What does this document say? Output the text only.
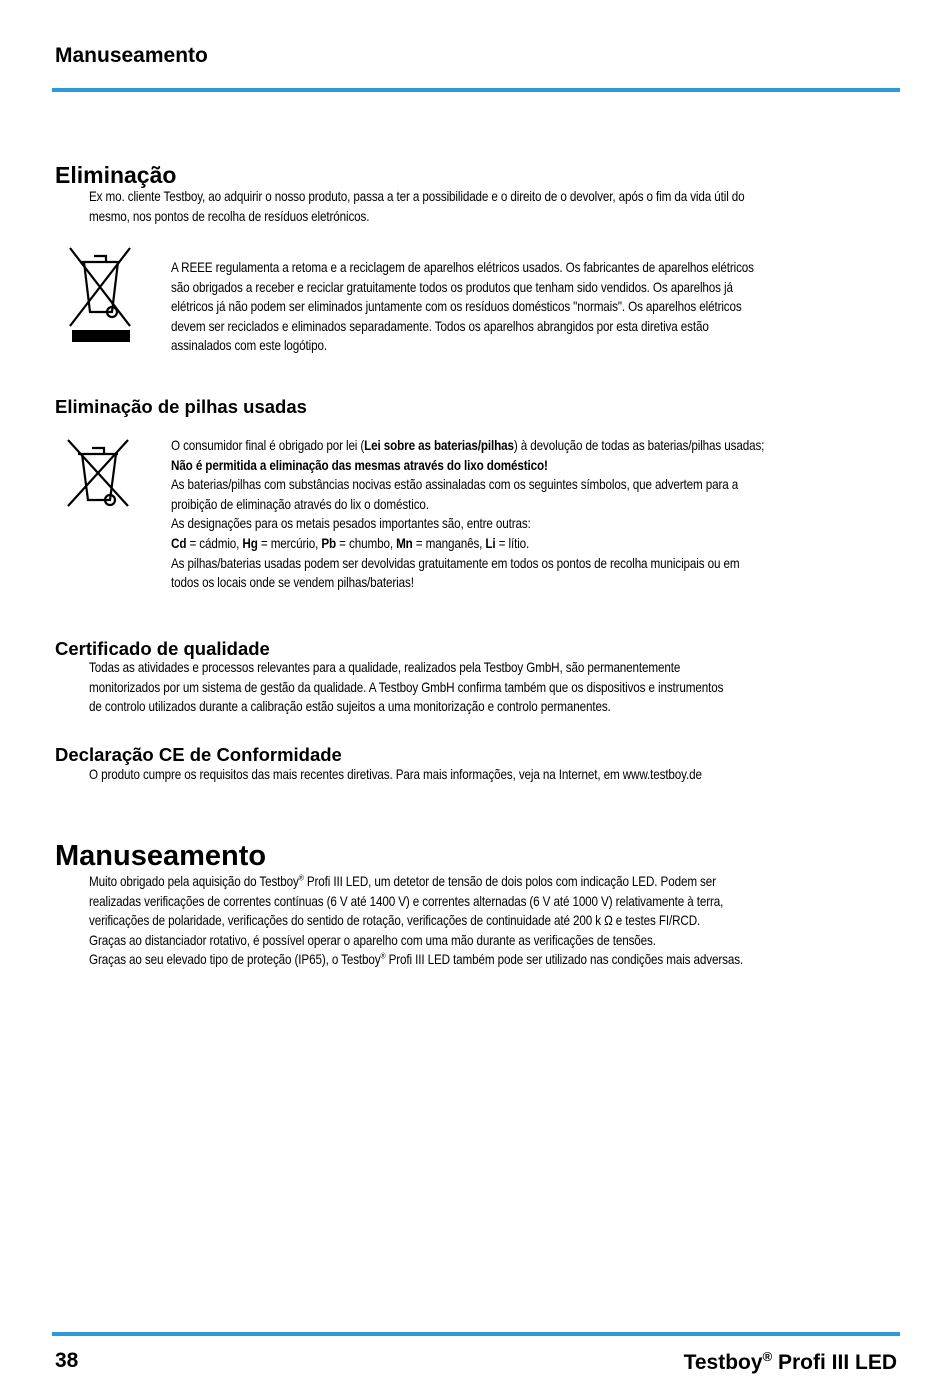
Manuseamento
Eliminação

Ex mo. cliente Testboy, ao adquirir o nosso produto, passa a ter a possibilidade e o direito de o devolver, após o fim da vida útil do

mesmo, nos pontos de recolha de resíduos eletrónicos.

A REEE regulamenta a retoma e a reciclagem de aparelhos elétricos usados. Os fabricantes de aparelhos elétricos

são obrigados a receber e reciclar gratuitamente todos os produtos que tenham sido vendidos. Os aparelhos já

elétricos já não podem ser eliminados juntamente com os resíduos domésticos "normais". Os aparelhos elétricos

devem ser reciclados e eliminados separadamente. Todos os aparelhos abrangidos por esta diretiva estão

assinalados com este logótipo.

Eliminação de pilhas usadas

O consumidor final é obrigado por lei (Lei sobre as baterias/pilhas) à devolução de todas as baterias/pilhas usadas;

Não é permitida a eliminação das mesmas através do lixo doméstico!

As baterias/pilhas com substâncias nocivas estão assinaladas com os seguintes símbolos, que advertem para a

proibição de eliminação através do lix o doméstico.

As designações para os metais pesados importantes são, entre outras:

Cd = cádmio, Hg = mercúrio, Pb = chumbo, Mn = manganês, Li = lítio.

As pilhas/baterias usadas podem ser devolvidas gratuitamente em todos os pontos de recolha municipais ou em

todos os locais onde se vendem pilhas/baterias!

Certificado de qualidade

Todas as atividades e processos relevantes para a qualidade, realizados pela Testboy GmbH, são permanentemente

monitorizados por um sistema de gestão da qualidade. A Testboy GmbH confirma também que os dispositivos e instrumentos

de controlo utilizados durante a calibração estão sujeitos a uma monitorização e controlo permanentes.

Declaração CE de Conformidade

O produto cumpre os requisitos das mais recentes diretivas. Para mais informações, veja na Internet, em www.testboy.de

Manuseamento

Muito obrigado pela aquisição do Testboy® Profi III LED, um detetor de tensão de dois polos com indicação LED. Podem ser

realizadas verificações de correntes contínuas (6 V até 1400 V) e correntes alternadas (6 V até 1000 V) relativamente à terra,

verificações de polaridade, verificações do sentido de rotação, verificações de continuidade até 200 k Ω e testes FI/RCD.

Graças ao distanciador rotativo, é possível operar o aparelho com uma mão durante as verificações de tensões.

Graças ao seu elevado tipo de proteção (IP65), o Testboy® Profi III LED também pode ser utilizado nas condições mais adversas.

38	Testboy® Profi III LED
